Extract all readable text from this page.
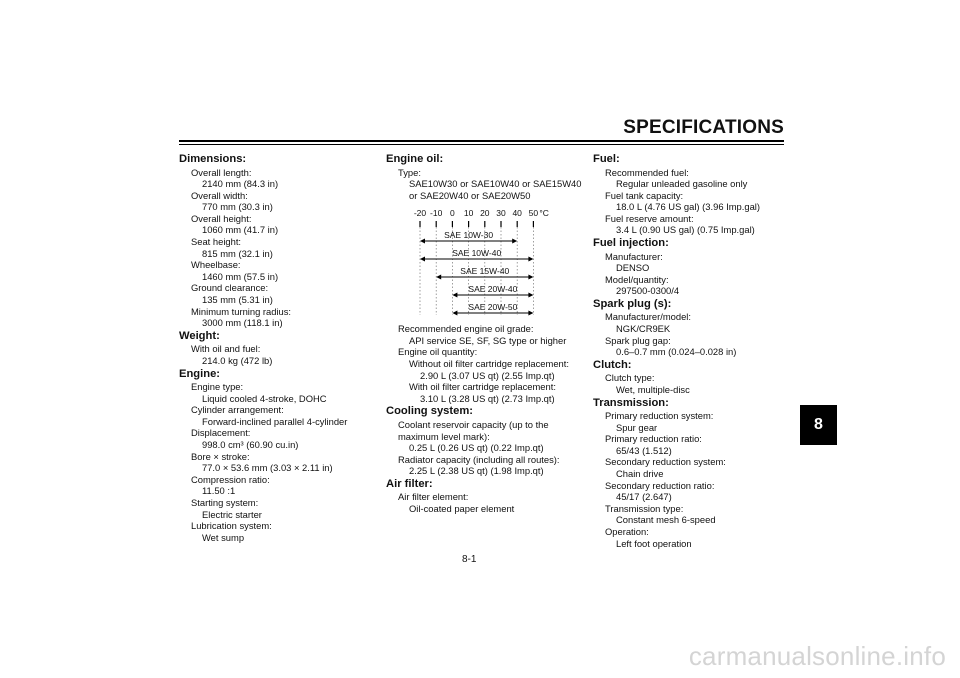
SPECIFICATIONS
Dimensions:
Overall length:
2140 mm (84.3 in)
Overall width:
770 mm (30.3 in)
Overall height:
1060 mm (41.7 in)
Seat height:
815 mm (32.1 in)
Wheelbase:
1460 mm (57.5 in)
Ground clearance:
135 mm (5.31 in)
Minimum turning radius:
3000 mm (118.1 in)
Weight:
With oil and fuel:
214.0 kg (472 lb)
Engine:
Engine type:
Liquid cooled 4-stroke, DOHC
Cylinder arrangement:
Forward-inclined parallel 4-cylinder
Displacement:
998.0 cm³ (60.90 cu.in)
Bore × stroke:
77.0 × 53.6 mm (3.03 × 2.11 in)
Compression ratio:
11.50 :1
Starting system:
Electric starter
Lubrication system:
Wet sump
Engine oil:
Type:
SAE10W30 or SAE10W40 or SAE15W40
or SAE20W40 or SAE20W50
-20 -10 0 10 20 30 40 50 °C
SAE 10W-30
SAE 10W-40
SAE 15W-40
SAE 20W-40
SAE 20W-50
Recommended engine oil grade:
API service SE, SF, SG type or higher
Engine oil quantity:
Without oil filter cartridge replacement:
2.90 L (3.07 US qt) (2.55 Imp.qt)
With oil filter cartridge replacement:
3.10 L (3.28 US qt) (2.73 Imp.qt)
Cooling system:
Coolant reservoir capacity (up to the
maximum level mark):
0.25 L (0.26 US qt) (0.22 Imp.qt)
Radiator capacity (including all routes):
2.25 L (2.38 US qt) (1.98 Imp.qt)
Air filter:
Air filter element:
Oil-coated paper element
Fuel:
Recommended fuel:
Regular unleaded gasoline only
Fuel tank capacity:
18.0 L (4.76 US gal) (3.96 Imp.gal)
Fuel reserve amount:
3.4 L (0.90 US gal) (0.75 Imp.gal)
Fuel injection:
Manufacturer:
DENSO
Model/quantity:
297500-0300/4
Spark plug (s):
Manufacturer/model:
NGK/CR9EK
Spark plug gap:
0.6–0.7 mm (0.024–0.028 in)
Clutch:
Clutch type:
Wet, multiple-disc
Transmission:
Primary reduction system:
Spur gear
Primary reduction ratio:
65/43 (1.512)
Secondary reduction system:
Chain drive
Secondary reduction ratio:
45/17 (2.647)
Transmission type:
Constant mesh 6-speed
Operation:
Left foot operation
8
8-1
carmanualsonline.info
